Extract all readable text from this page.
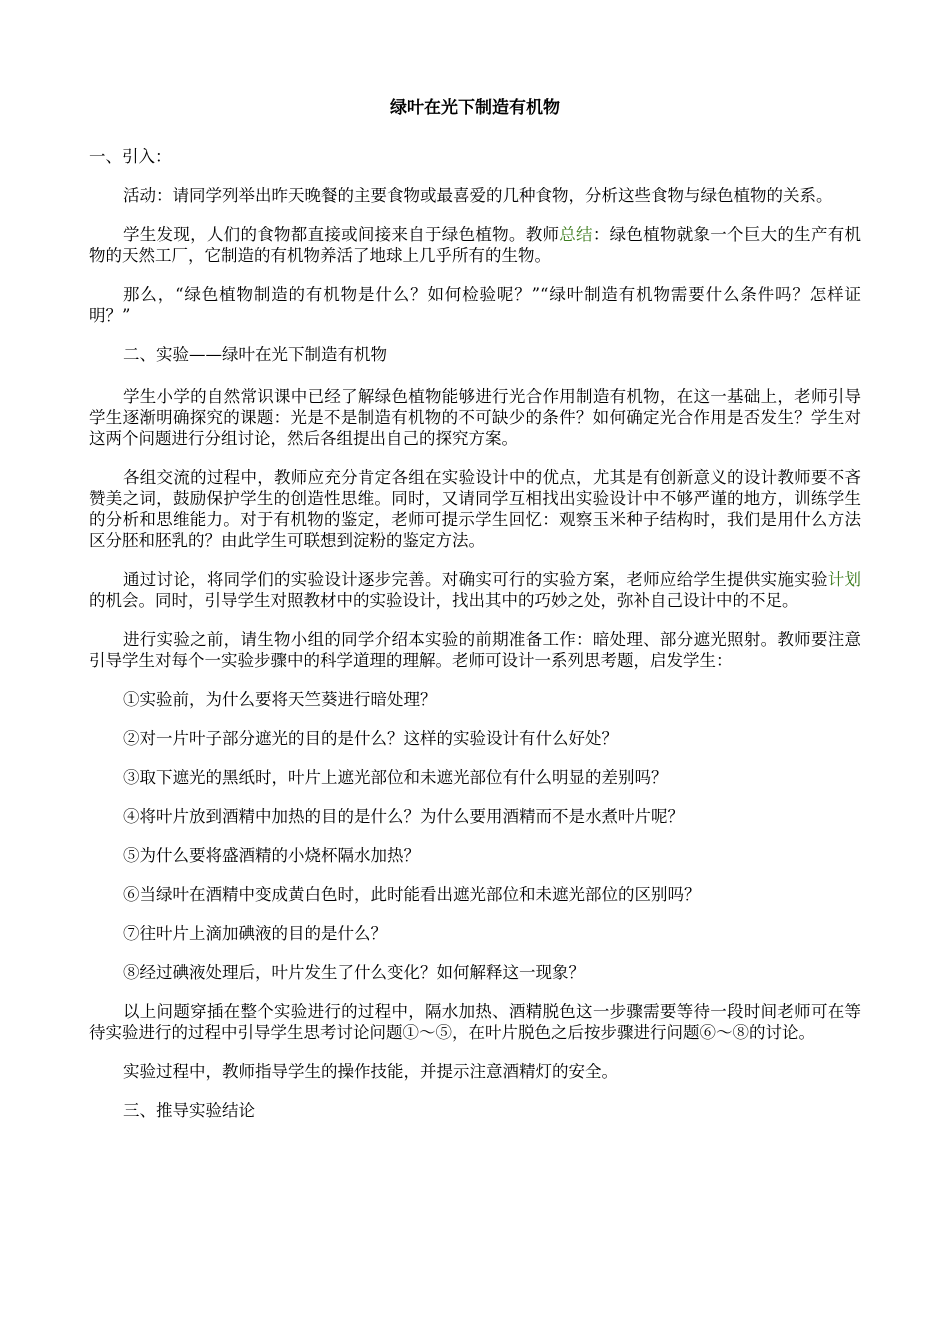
绿叶在光下制造有机物

一、引入：

活动：请同学列举出昨天晚餐的主要食物或最喜爱的几种食物，分析这些食物与绿色植物的关系。

学生发现，人们的食物都直接或间接来自于绿色植物。教师总结：绿色植物就象一个巨大的生产有机物的天然工厂，它制造的有机物养活了地球上几乎所有的生物。

那么，“绿色植物制造的有机物是什么？如何检验呢？”“绿叶制造有机物需要什么条件吗？怎样证明？”

二、实验——绿叶在光下制造有机物

学生小学的自然常识课中已经了解绿色植物能够进行光合作用制造有机物，在这一基础上，老师引导学生逐渐明确探究的课题：光是不是制造有机物的不可缺少的条件？如何确定光合作用是否发生？学生对这两个问题进行分组讨论，然后各组提出自己的探究方案。

各组交流的过程中，教师应充分肯定各组在实验设计中的优点，尤其是有创新意义的设计教师要不吝赞美之词，鼓励保护学生的创造性思维。同时，又请同学互相找出实验设计中不够严谨的地方，训练学生的分析和思维能力。对于有机物的鉴定，老师可提示学生回忆：观察玉米种子结构时，我们是用什么方法区分胚和胚乳的？由此学生可联想到淀粉的鉴定方法。

通过讨论，将同学们的实验设计逐步完善。对确实可行的实验方案，老师应给学生提供实施实验计划的机会。同时，引导学生对照教材中的实验设计，找出其中的巧妙之处，弥补自己设计中的不足。

进行实验之前，请生物小组的同学介绍本实验的前期准备工作：暗处理、部分遮光照射。教师要注意引导学生对每个一实验步骤中的科学道理的理解。老师可设计一系列思考题，启发学生：

①实验前，为什么要将天竺葵进行暗处理？

②对一片叶子部分遮光的目的是什么？这样的实验设计有什么好处？

③取下遮光的黑纸时，叶片上遮光部位和未遮光部位有什么明显的差别吗？

④将叶片放到酒精中加热的目的是什么？为什么要用酒精而不是水煮叶片呢？

⑤为什么要将盛酒精的小烧杯隔水加热？

⑥当绿叶在酒精中变成黄白色时，此时能看出遮光部位和未遮光部位的区别吗？

⑦往叶片上滴加碘液的目的是什么？

⑧经过碘液处理后，叶片发生了什么变化？如何解释这一现象？

以上问题穿插在整个实验进行的过程中，隔水加热、酒精脱色这一步骤需要等待一段时间老师可在等待实验进行的过程中引导学生思考讨论问题①～⑤，在叶片脱色之后按步骤进行问题⑥～⑧的讨论。

实验过程中，教师指导学生的操作技能，并提示注意酒精灯的安全。

三、推导实验结论
